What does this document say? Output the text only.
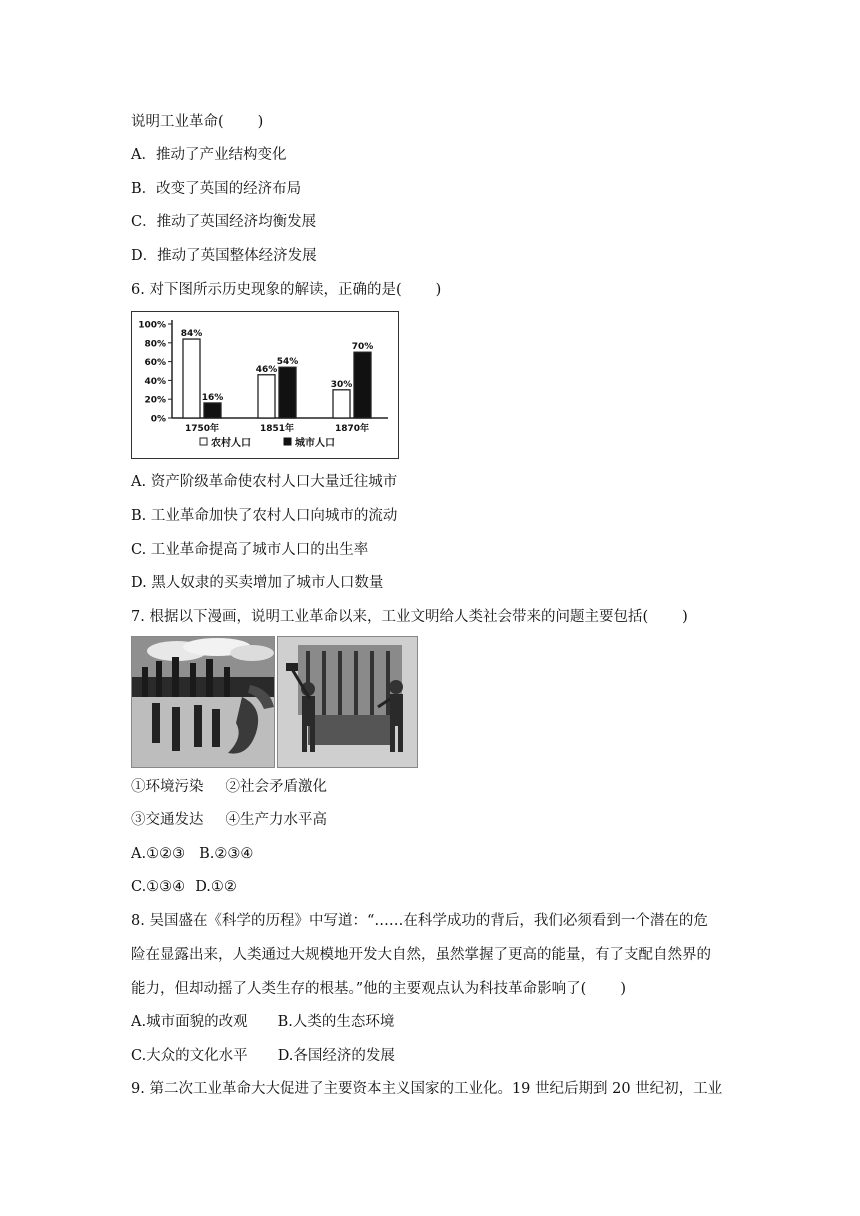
说明工业革命( )
A．推动了产业结构变化
B．改变了英国的经济布局
C．推动了英国经济均衡发展
D．推动了英国整体经济发展
6. 对下图所示历史现象的解读，正确的是( )
0%
20%
40%
60%
80%
100%
84%
16%
1750年
46%
54%
1851年
30%
70%
1870年
农村人口	城市人口
A. 资产阶级革命使农村人口大量迁往城市
B. 工业革命加快了农村人口向城市的流动
C. 工业革命提高了城市人口的出生率
D. 黑人奴隶的买卖增加了城市人口数量
7. 根据以下漫画，说明工业革命以来，工业文明给人类社会带来的问题主要包括( )
①环境污染 ②社会矛盾激化
③交通发达 ④生产力水平高
A.①②③ B.②③④
C.①③④ D.①②
8. 吴国盛在《科学的历程》中写道：“……在科学成功的背后，我们必须看到一个潜在的危
险在显露出来，人类通过大规模地开发大自然，虽然掌握了更高的能量，有了支配自然界的
能力，但却动摇了人类生存的根基。”他的主要观点认为科技革命影响了( )
A.城市面貌的改观 B.人类的生态环境
C.大众的文化水平 D.各国经济的发展
9. 第二次工业革命大大促进了主要资本主义国家的工业化。19 世纪后期到 20 世纪初，工业
